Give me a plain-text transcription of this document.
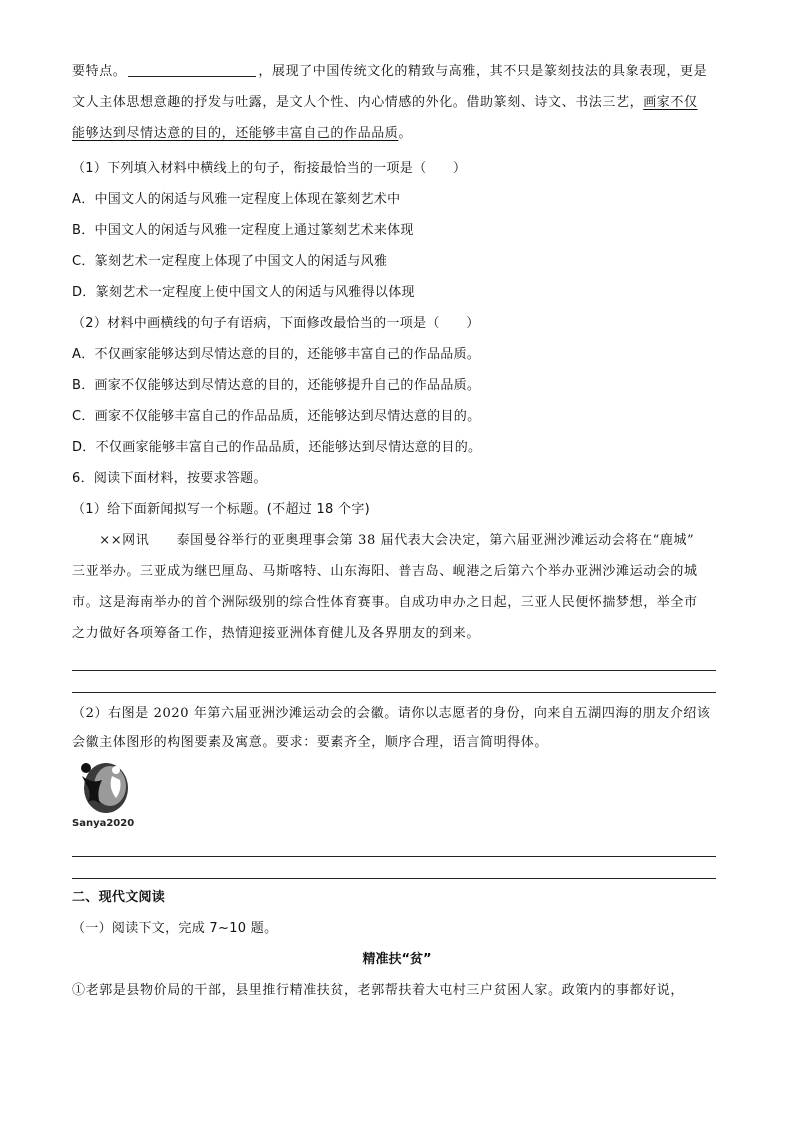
要特点。	，展现了中国传统文化的精致与高雅，其不只是篆刻技法的具象表现，更是
文人主体思想意趣的抒发与吐露，是文人个性、内心情感的外化。借助篆刻、诗文、书法三艺，画家不仅
能够达到尽情达意的目的，还能够丰富自己的作品品质。
（1）下列填入材料中横线上的句子，衔接最恰当的一项是（　　）
A．中国文人的闲适与风雅一定程度上体现在篆刻艺术中
B．中国文人的闲适与风雅一定程度上通过篆刻艺术来体现
C．篆刻艺术一定程度上体现了中国文人的闲适与风雅
D．篆刻艺术一定程度上使中国文人的闲适与风雅得以体现
（2）材料中画横线的句子有语病，下面修改最恰当的一项是（　　）
A．不仅画家能够达到尽情达意的目的，还能够丰富自己的作品品质。
B．画家不仅能够达到尽情达意的目的，还能够提升自己的作品品质。
C．画家不仅能够丰富自己的作品品质，还能够达到尽情达意的目的。
D．不仅画家能够丰富自己的作品品质，还能够达到尽情达意的目的。
6．阅读下面材料，按要求答题。
（1）给下面新闻拟写一个标题。(不超过 18 个字)
　　××网讯　　泰国曼谷举行的亚奥理事会第 38 届代表大会决定，第六届亚洲沙滩运动会将在“鹿城”
三亚举办。三亚成为继巴厘岛、马斯喀特、山东海阳、普吉岛、岘港之后第六个举办亚洲沙滩运动会的城
市。这是海南举办的首个洲际级别的综合性体育赛事。自成功申办之日起，三亚人民便怀揣梦想，举全市
之力做好各项筹备工作，热情迎接亚洲体育健儿及各界朋友的到来。
（2）右图是 2020 年第六届亚洲沙滩运动会的会徽。请你以志愿者的身份，向来自五湖四海的朋友介绍该
会徽主体图形的构图要素及寓意。要求：要素齐全，顺序合理，语言简明得体。
Sanya2020
二、现代文阅读
（一）阅读下文，完成 7~10 题。
精准扶“贫”
①老郭是县物价局的干部，县里推行精准扶贫，老郭帮扶着大屯村三户贫困人家。政策内的事都好说，
